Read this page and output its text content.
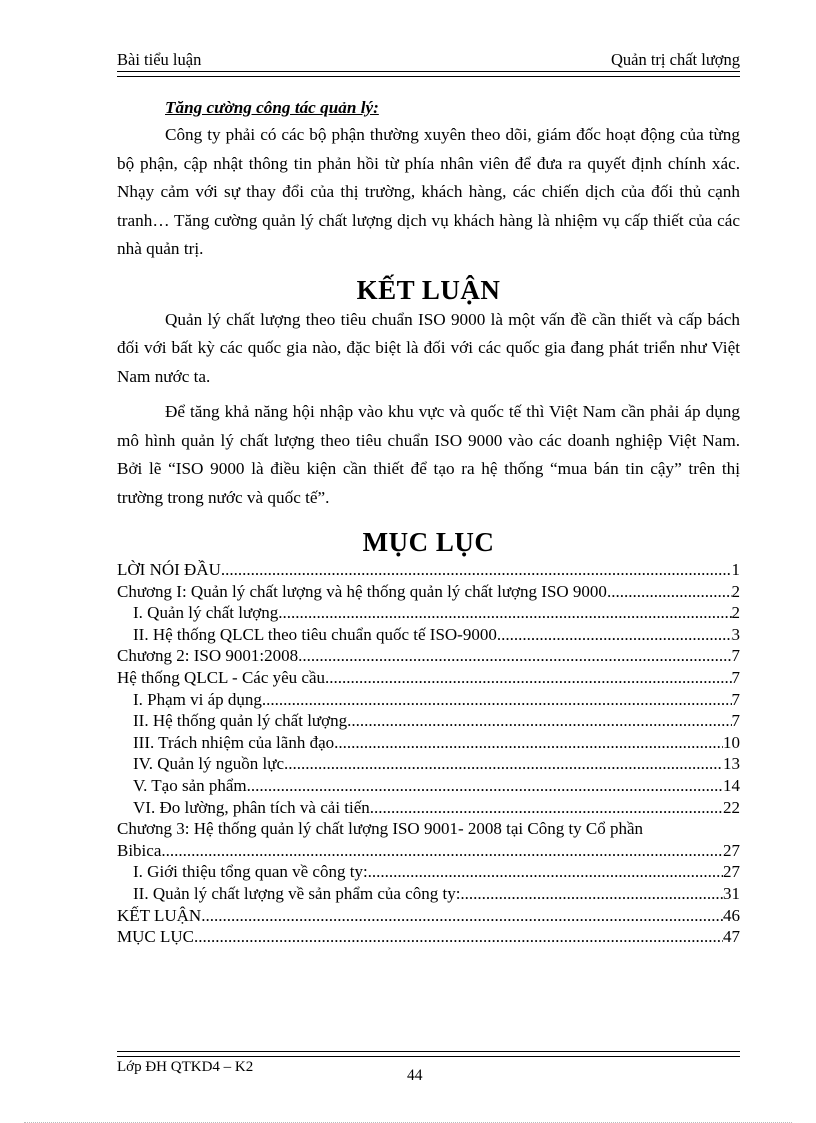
Bài tiểu luận	Quản trị chất lượng

Tăng cường công tác quản lý:

Công ty phải có các bộ phận thường xuyên theo dõi, giám đốc hoạt động của từng bộ phận, cập nhật thông tin phản hồi từ phía nhân viên để đưa ra quyết định chính xác. Nhạy cảm với sự thay đổi của thị trường, khách hàng, các chiến dịch của đối thủ cạnh tranh… Tăng cường quản lý chất lượng dịch vụ khách hàng là nhiệm vụ cấp thiết của các nhà quản trị.

KẾT LUẬN

Quản lý chất lượng theo tiêu chuẩn ISO 9000 là một vấn đề cần thiết và cấp bách đối với bất kỳ các quốc gia nào, đặc biệt là đối với các quốc gia đang phát triển như Việt Nam nước ta.

Để tăng khả năng hội nhập vào khu vực và quốc tế thì Việt Nam cần phải áp dụng mô hình quản lý chất lượng theo tiêu chuẩn ISO 9000 vào các doanh nghiệp Việt Nam. Bởi lẽ “ISO 9000 là điều kiện cần thiết để tạo ra hệ thống “mua bán tin cậy” trên thị trường trong nước và quốc tế”.

MỤC LỤC
LỜI NÓI ĐẦU .....	1
Chương I: Quản lý chất lượng và hệ thống quản lý chất lượng ISO 9000 .....	2
I. Quản lý chất lượng .....	2
II. Hệ thống QLCL theo tiêu chuẩn quốc tế ISO-9000 .....	3
Chương 2: ISO 9001:2008 .....	7
Hệ thống QLCL - Các yêu cầu .....	7
I. Phạm vi áp dụng .....	7
II. Hệ thống quản lý chất lượng. .....	7
III. Trách nhiệm của lãnh đạo .....	10
IV. Quản lý nguồn lực .....	13
V. Tạo sản phẩm .....	14
VI. Đo lường, phân tích và cải tiến. .....	22
Chương 3: Hệ thống quản lý chất lượng ISO 9001- 2008 tại Công ty Cổ phần
Bibica .....	27
I. Giới thiệu tổng quan về công ty: .....	27
II. Quản lý chất lượng về sản phẩm của công ty: .....	31
KẾT LUẬN .....	46
MỤC LỤC .....	47
Lớp ĐH QTKD4 – K2	44
